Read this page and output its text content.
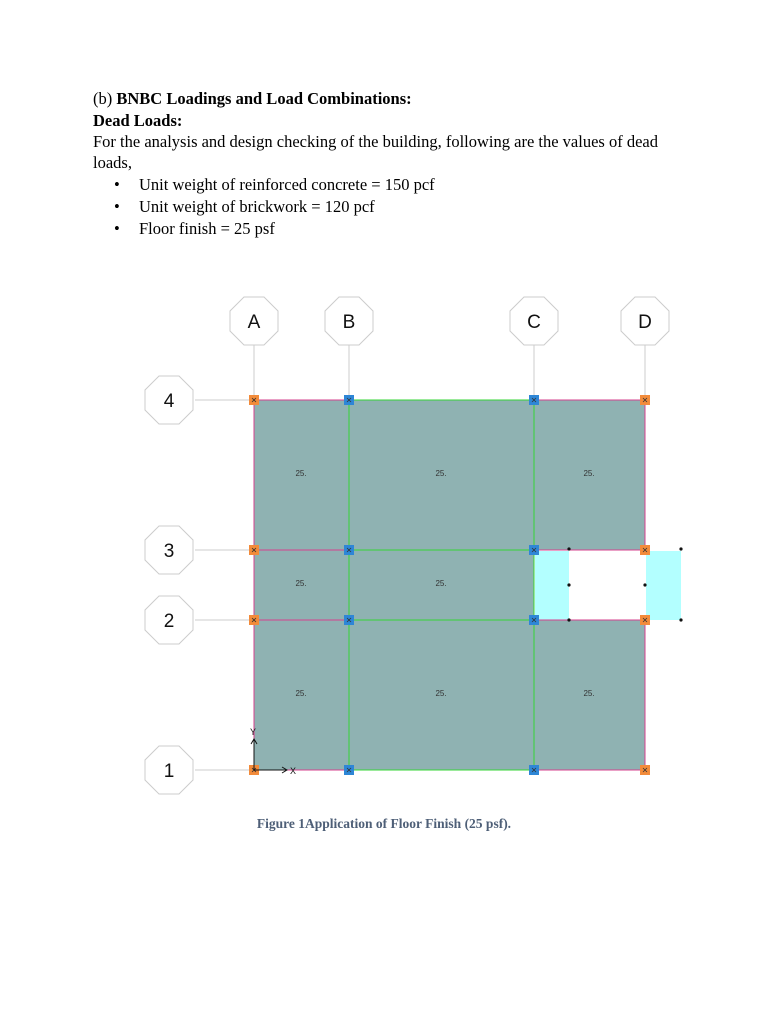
(b) BNBC Loadings and Load Combinations:
Dead Loads:
For the analysis and design checking of the building, following are the values of dead loads,
• Unit weight of reinforced concrete = 150 pcf
• Unit weight of brickwork = 120 pcf
• Floor finish = 25 psf
A	B	C	D
4
3
2
1
25.	25.	25.
25.	25.
25.	25.	25.
Y
X
Figure 1Application of Floor Finish (25 psf).
